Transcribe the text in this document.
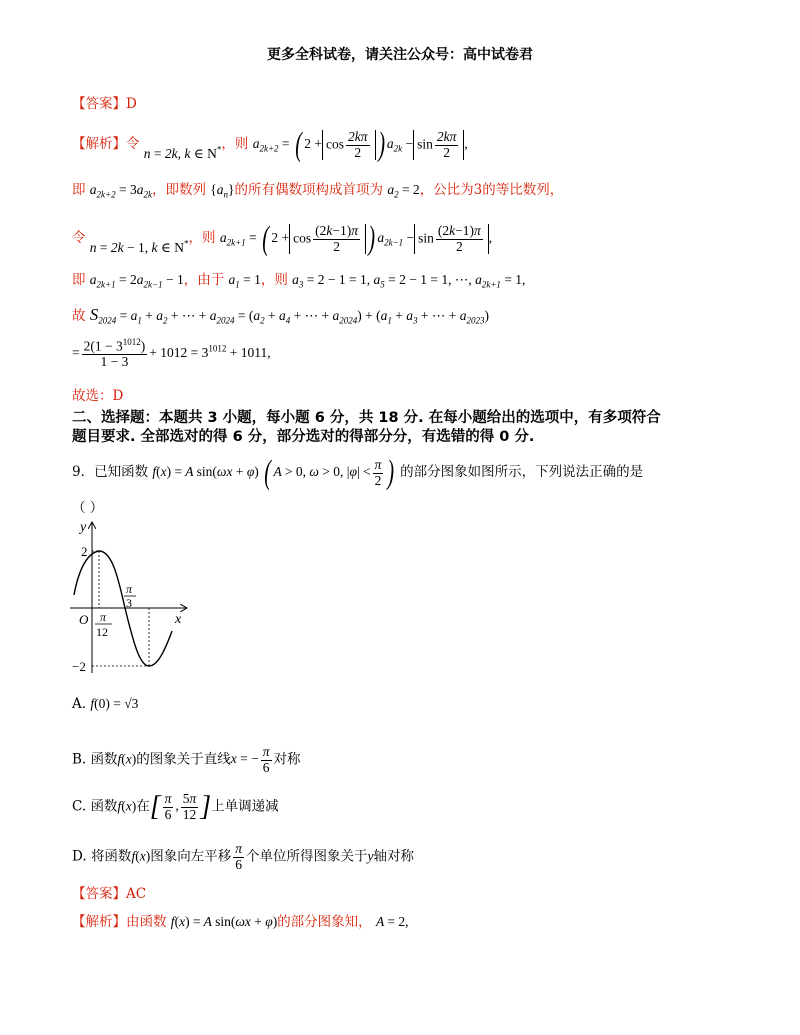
更多全科试卷，请关注公众号：高中试卷君
【答案】D
【解析】令 n = 2k, k ∈ N*，则 $a_{2k+2}$ = ( $2 + \cos \frac{2k\pi}{2}$ ) $a_{2k} - \sin \frac{2k\pi}{2}$ ,
即 $a_{2k+2} = 3a_{2k}$，即数列 $\{a_n\}$的所有偶数项构成首项为 $a_2 = 2$，公比为3的等比数列，
令 n = 2k − 1, k ∈ N*，则 $a_{2k+1}$ = ( $2 + \cos \frac{(2k-1)\pi}{2}$ ) $a_{2k-1} - \sin \frac{(2k-1)\pi}{2}$ ,
即 $a_{2k+1} = 2a_{2k-1} - 1$，由于 $a_1 = 1$，则 $a_3 = 2 - 1 = 1$, $a_5 = 2 - 1 = 1$, ⋯, $a_{2k+1} = 1$,
故 $S_{2024} = a_1 + a_2$ + ⋯ + $a_{2024} = (a_2 + a_4$ + ⋯ + $a_{2024}) + (a_1 + a_3$ + ⋯ + $a_{2023}$)
= $\frac{2(1 - 3^{1012})}{1 - 3} + 1012 = 3^{1012} + 1011$,
故选：D
二、选择题：本题共 3 小题，每小题 6 分，共 18 分. 在每小题给出的选项中，有多项符合
题目要求. 全部选对的得 6 分，部分选对的得部分分，有选错的得 0 分.
9．已知函数 f(x) = A sin(ωx + φ) ( A > 0, ω > 0, $|\varphi| < \frac{\pi}{2}$ ) 的部分图象如图所示，下列说法正确的是
（ ）
y
x
O
2
−2
π
12
π
3
A. f(0) = √3
B. 函数f(x)的图象关于直线x = − $\frac{\pi}{6}$ 对称
C. 函数f(x)在[ $\frac{\pi}{6}$ , $\frac{5\pi}{12}$ ]上单调递减
D. 将函数f(x)图象向左平移 $\frac{\pi}{6}$ 个单位所得图象关于y轴对称
【答案】AC
【解析】由函数 f(x) = A sin(ωx + φ)的部分图象知， A = 2,
